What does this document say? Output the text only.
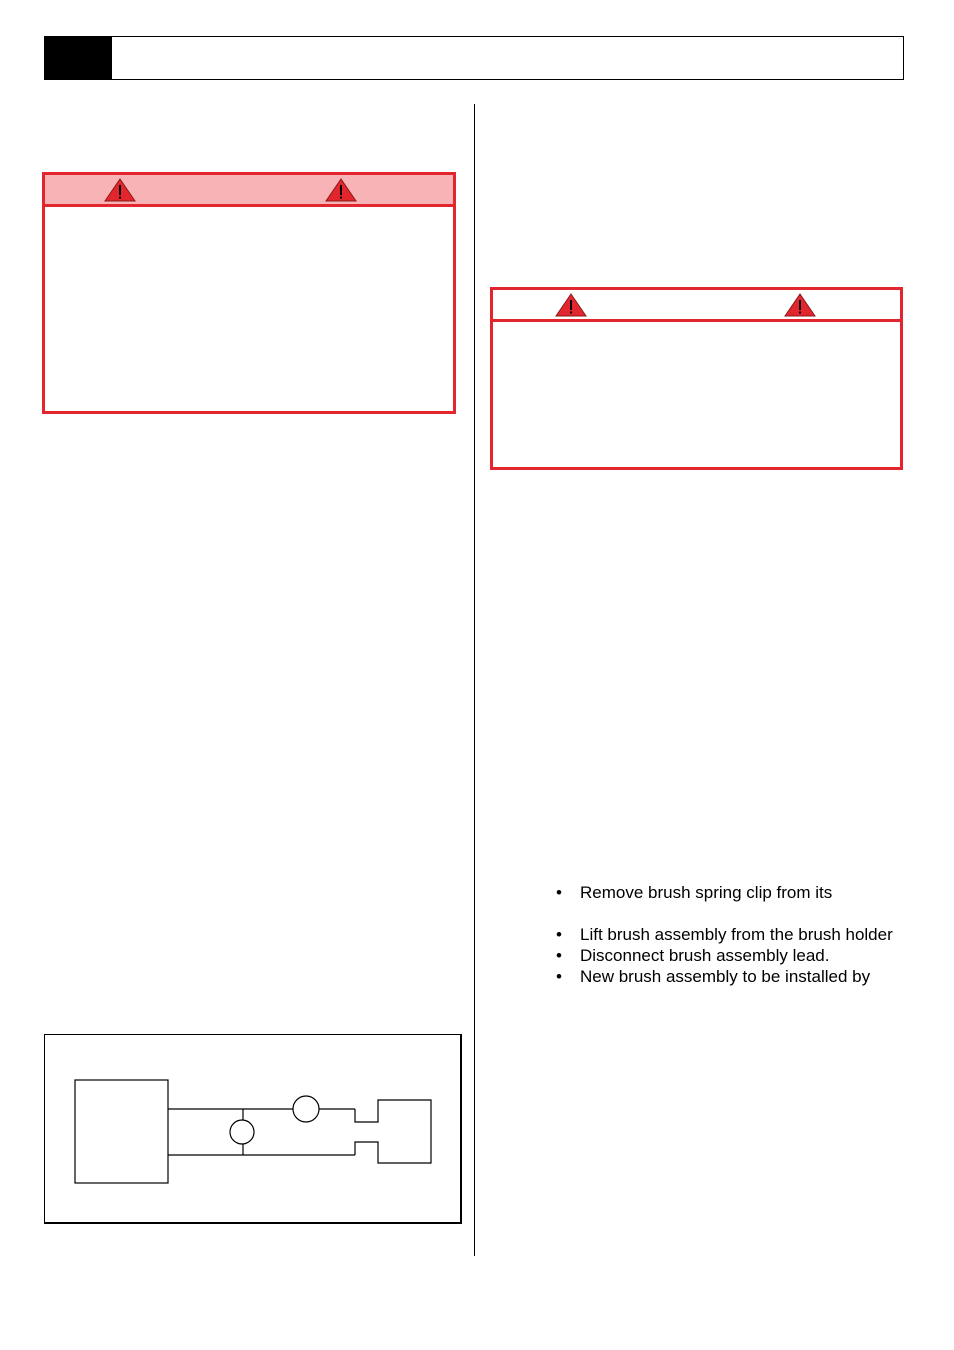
• Remove brush spring clip from its
• Lift brush assembly from the brush holder
• Disconnect brush assembly lead.
• New brush assembly to be installed by
